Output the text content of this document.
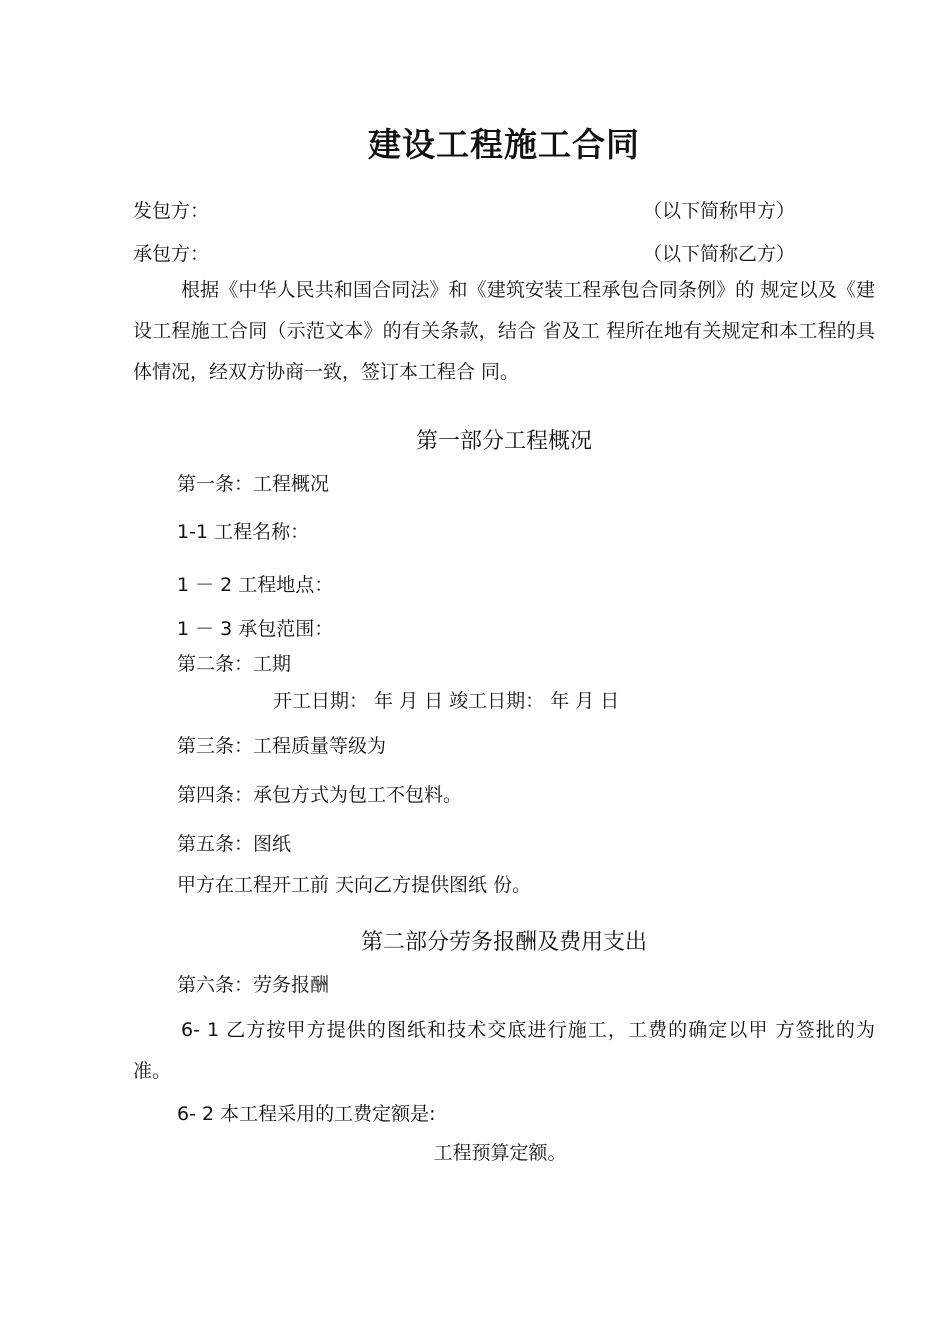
建设工程施工合同
发包方：	（以下简称甲方）
承包方：	（以下简称乙方）
根据《中华人民共和国合同法》和《建筑安装工程承包合同条例》的 规定以及《建设工程施工合同（示范文本》的有关条款，结合 省及工 程所在地有关规定和本工程的具体情况，经双方协商一致，签订本工程合 同。
第一部分工程概况
第一条：工程概况
1-1 工程名称：
1 － 2 工程地点：
1 － 3 承包范围：
第二条：工期
开工日期： 年 月 日 竣工日期： 年 月 日
第三条：工程质量等级为
第四条：承包方式为包工不包料。
第五条：图纸
甲方在工程开工前 天向乙方提供图纸 份。
第二部分劳务报酬及费用支出
第六条：劳务报酬
6- 1 乙方按甲方提供的图纸和技术交底进行施工，工费的确定以甲 方签批的为准。
6- 2 本工程采用的工费定额是:
工程预算定额。
